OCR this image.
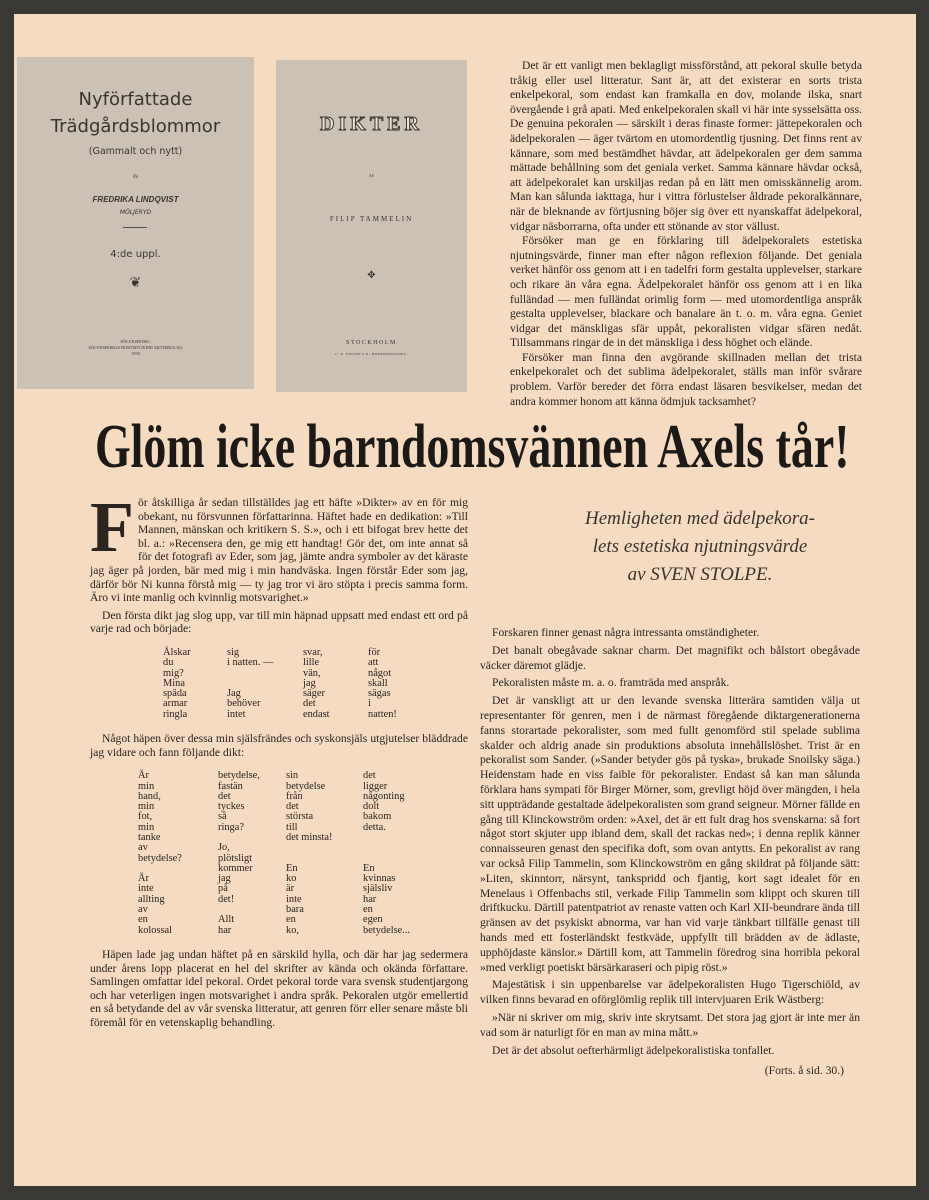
Nyförfattade
Trädgårdsblommor
(Gammalt och nytt)
AV
FREDRIKA LINDQVIST
MÖLJERYD
4:de uppl.
❦
SÖLVESBORG.
SÖLVESBORGS BOKTRYCKERI AKTIEBOLAG
1935
DIKTER
AF
FILIP TAMMELIN
✥
STOCKHOLM
C. E. FRITZE'S K. HOFBOKHANDEL.

Det är ett vanligt men beklagligt missförstånd, att pekoral skulle betyda tråkig eller usel litteratur. Sant är, att det existerar en sorts trista enkelpekoral, som endast kan framkalla en dov, molande ilska, snart övergående i grå apati. Med enkelpekoralen skall vi här inte sysselsätta oss. De genuina pekoralen — särskilt i deras finaste former: jättepekoralen och ädelpekoralen — äger tvärtom en utomordentlig tjusning. Det finns rent av kännare, som med bestämdhet hävdar, att ädelpekoralen ger dem samma mättade behållning som det geniala verket. Samma kännare hävdar också, att ädelpekoralet kan urskiljas redan på en lätt men omisskännelig arom. Man kan sålunda iakttaga, hur i vittra förlustelser åldrade pekoralkännare, när de bleknande av förtjusning böjer sig över ett nyanskaffat ädelpekoral, vidgar näsborrarna, ofta under ett stönande av stor vällust.

Försöker man ge en förklaring till ädelpekoralets estetiska njutningsvärde, finner man efter någon reflexion följande. Det geniala verket hänför oss genom att i en tadelfri form gestalta upplevelser, starkare och rikare än våra egna. Ädelpekoralet hänför oss genom att i en lika fulländad — men fulländat orimlig form — med utomordentliga anspråk gestalta upplevelser, blackare och banalare än t. o. m. våra egna. Geniet vidgar det mänskligas sfär uppåt, pekoralisten vidgar sfären nedåt. Tillsammans ringar de in det mänskliga i dess höghet och elände.

Försöker man finna den avgörande skillnaden mellan det trista enkelpekoralet och det sublima ädelpekoralet, ställs man inför svårare problem. Varför bereder det förra endast läsaren besvikelser, medan det andra kommer honom att känna ödmjuk tacksamhet?

Glöm icke barndomsvännen Axels tår!
Hemligheten med ädelpekora-
lets estetiska njutningsvärde
av SVEN STOLPE.

För åtskilliga år sedan tillställdes jag ett häfte »Dikter» av en för mig obekant, nu försvunnen författarinna. Häftet hade en dedikation: »Till Mannen, mänskan och kritikern S. S.», och i ett bifogat brev hette det bl. a.: »Recensera den, ge mig ett handtag! Gör det, om inte annat så för det fotografi av Eder, som jag, jämte andra symboler av det käraste jag äger på jorden, bär med mig i min handväska. Ingen förstår Eder som jag, därför bör Ni kunna förstå mig — ty jag tror vi äro stöpta i precis samma form. Äro vi inte manlig och kvinnlig motsvarighet.»

Den första dikt jag slog upp, var till min häpnad uppsatt med endast ett ord på varje rad och började:

Älskar
du
mig?
Mina
späda
armar
ringla
sig
i natten. —
Jag
behöver
intet
svar,
lille
vän,
jag
säger
det
endast
för
att
något
skall
sägas
i
natten!

Något häpen över dessa min själsfrändes och syskonsjäls utgjutelser bläddrade jag vidare och fann följande dikt:

Är
min
hand,
min
fot,
min
tanke
av
betydelse?
Är
inte
allting
av
en
kolossal
betydelse,
fastän
det
tyckes
så
ringa?
Jo,
plötsligt
kommer
jag
på
det!
Allt
har
sin
betydelse
från
det
största
till
det minsta!
En
ko
är
inte
bara
en
ko,
det
ligger
någonting
dolt
bakom
detta.
En
kvinnas
själsliv
har
en
egen
betydelse...

Häpen lade jag undan häftet på en särskild hylla, och där har jag sedermera under årens lopp placerat en hel del skrifter av kända och okända författare. Samlingen omfattar idel pekoral. Ordet pekoral torde vara svensk studentjargong och har veterligen ingen motsvarighet i andra språk. Pekoralen utgör emellertid en så betydande del av vår svenska litteratur, att genren förr eller senare måste bli föremål för en vetenskaplig behandling.

Forskaren finner genast några intressanta omständigheter.

Det banalt obegåvade saknar charm. Det magnifikt och bålstort obegåvade väcker däremot glädje.

Pekoralisten måste m. a. o. framträda med anspråk.

Det är vanskligt att ur den levande svenska litterära samtiden välja ut representanter för genren, men i de närmast föregående diktargenerationerna fanns storartade pekoralister, som med fullt genomförd stil spelade sublima skalder och aldrig anade sin produktions absoluta innehållslöshet. Trist är en pekoralist som Sander. (»Sander betyder gös på tyska», brukade Snoilsky säga.) Heidenstam hade en viss faible för pekoralister. Endast så kan man sålunda förklara hans sympati för Birger Mörner, som, grevligt höjd över mängden, i hela sitt uppträdande gestaltade ädelpekoralisten som grand seigneur. Mörner fällde en gång till Klinckowström orden: »Axel, det är ett fult drag hos svenskarna: så fort något stort skjuter upp ibland dem, skall det rackas ned»; i denna replik känner connaisseuren genast den specifika doft, som ovan antytts. En pekoralist av rang var också Filip Tammelin, som Klinckowström en gång skildrat på följande sätt: »Liten, skinntorr, närsynt, tankspridd och fjantig, kort sagt idealet för en Menelaus i Offenbachs stil, verkade Filip Tammelin som klippt och skuren till driftkucku. Därtill patentpatriot av renaste vatten och Karl XII-beundrare ända till gränsen av det psykiskt abnorma, var han vid varje tänkbart tillfälle genast till hands med ett fosterländskt festkväde, uppfyllt till brädden av de ädlaste, upphöjdaste känslor.» Därtill kom, att Tammelin föredrog sina horribla pekoral »med verkligt poetiskt bärsärkaraseri och pipig röst.»

Majestätisk i sin uppenbarelse var ädelpekoralisten Hugo Tigerschiöld, av vilken finns bevarad en oförglömlig replik till intervjuaren Erik Wästberg:

»När ni skriver om mig, skriv inte skrytsamt. Det stora jag gjort är inte mer än vad som är naturligt för en man av mina mått.»

Det är det absolut oefterhärmligt ädelpekoralistiska tonfallet.

(Forts. å sid. 30.)
